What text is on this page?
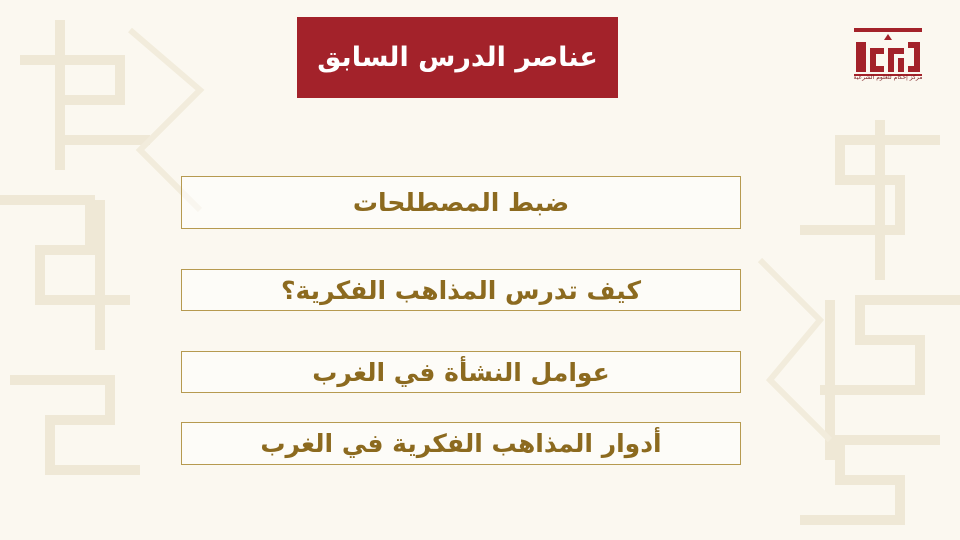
عناصر الدرس السابق
ضبط المصطلحات
كيف تدرس المذاهب الفكرية؟
عوامل النشأة في الغرب
أدوار المذاهب الفكرية في الغرب
مركز إحكام للعلوم الشرعية
